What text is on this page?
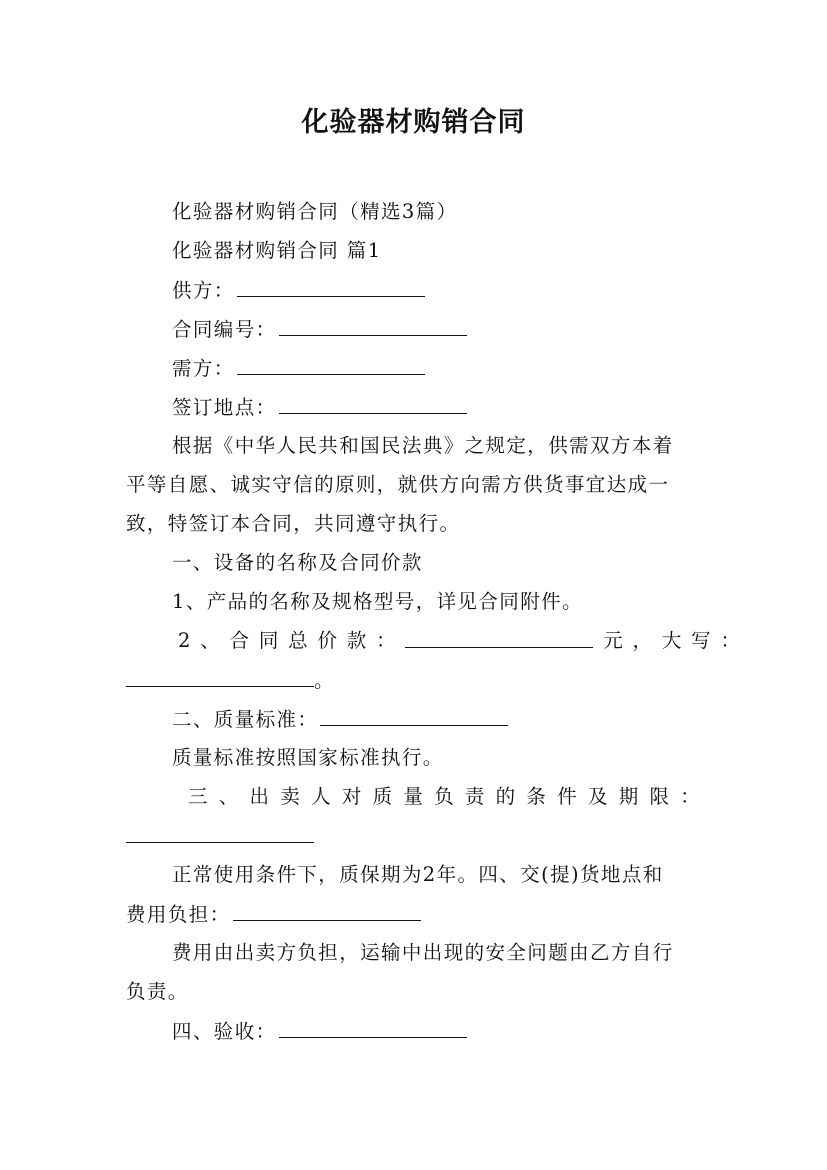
化验器材购销合同
化验器材购销合同（精选3篇）
化验器材购销合同 篇1
供方：
合同编号：
需方：
签订地点：
根据《中华人民共和国民法典》之规定，供需双方本着
平等自愿、诚实守信的原则，就供方向需方供货事宜达成一
致，特签订本合同，共同遵守执行。
一、设备的名称及合同价款
1、产品的名称及规格型号，详见合同附件。
2 、 合 同 总 价 款 ：	元 ， 大 写 ：
。
二、质量标准：
质量标准按照国家标准执行。
三 、 出 卖 人 对 质 量 负 责 的 条 件 及 期 限 ：
正常使用条件下，质保期为2年。四、交(提)货地点和
费用负担：
费用由出卖方负担，运输中出现的安全问题由乙方自行
负责。
四、验收：
